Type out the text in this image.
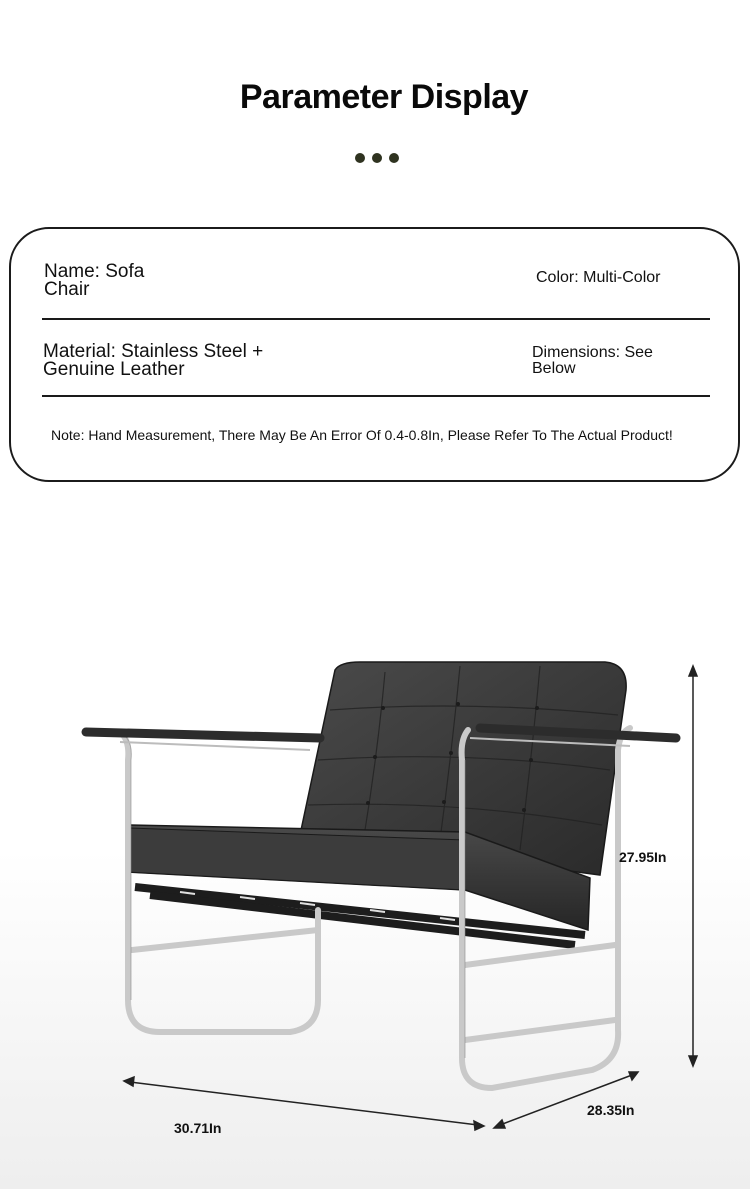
Parameter Display
Name: Sofa Chair
Color: Multi-Color
Material: Stainless Steel + Genuine Leather
Dimensions: See Below
Note: Hand Measurement, There May Be An Error Of 0.4-0.8In, Please Refer To The Actual Product!
27.95In
30.71In
28.35In
